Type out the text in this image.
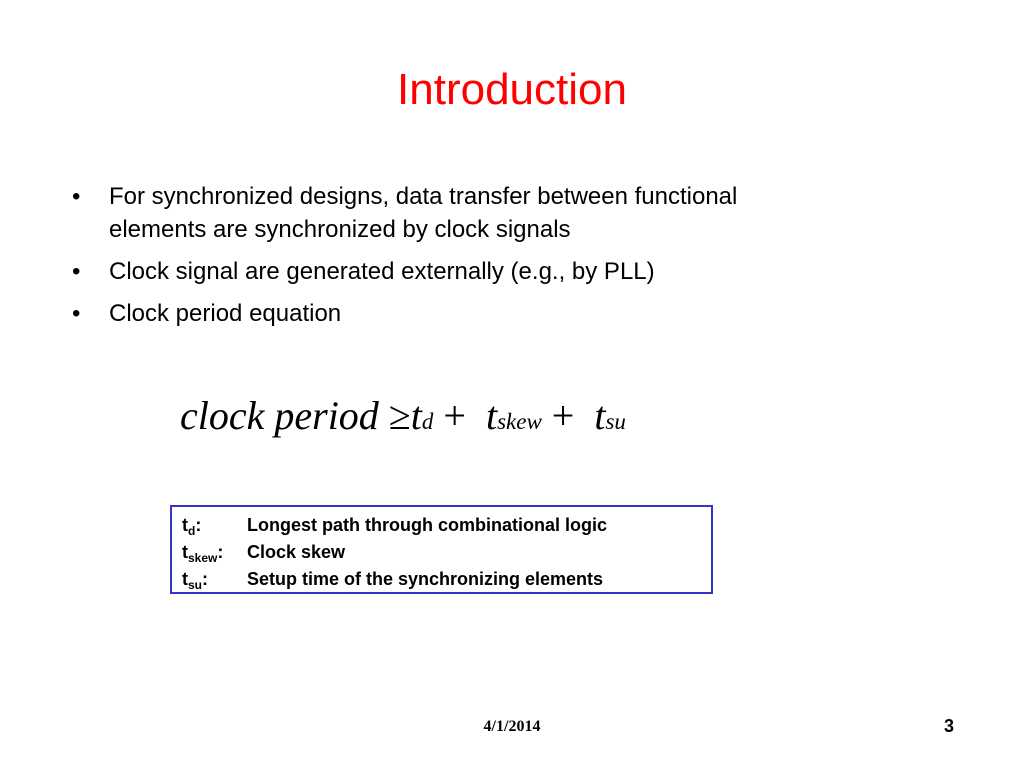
Introduction
• For synchronized designs, data transfer between functional elements are synchronized by clock signals
• Clock signal are generated externally (e.g., by PLL)
• Clock period equation
clock period ≥td + tskew + tsu
$t_d$:	Longest path through combinational logic
$t_{skew}$: Clock skew
$t_{su}$: Setup time of the synchronizing elements
4/1/2014	3
